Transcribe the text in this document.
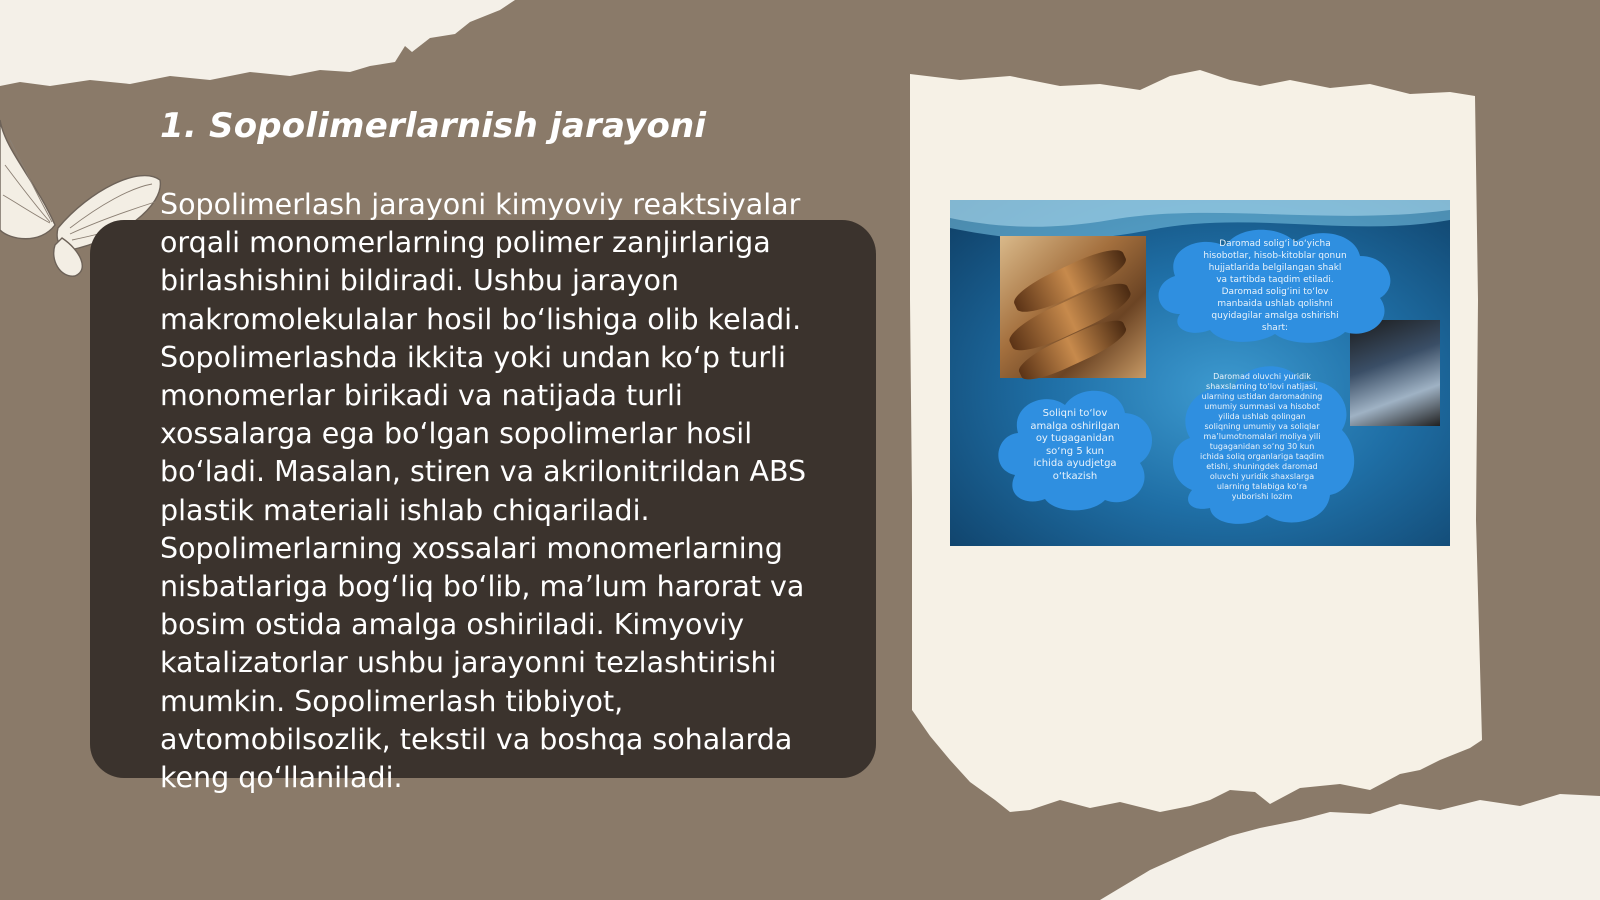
1. Sopolimerlarnish jarayoni
Sopolimerlash jarayoni kimyoviy reaktsiyalar
orqali monomerlarning polimer zanjirlariga
birlashishini bildiradi. Ushbu jarayon
makromolekulalar hosil bo‘lishiga olib keladi.
Sopolimerlashda ikkita yoki undan ko‘p turli
monomerlar birikadi va natijada turli
xossalarga ega bo‘lgan sopolimerlar hosil
bo‘ladi. Masalan, stiren va akrilonitrildan ABS
plastik materiali ishlab chiqariladi.
Sopolimerlarning xossalari monomerlarning
nisbatlariga bog‘liq bo‘lib, ma’lum harorat va
bosim ostida amalga oshiriladi. Kimyoviy
katalizatorlar ushbu jarayonni tezlashtirishi
mumkin. Sopolimerlash tibbiyot,
avtomobilsozlik, tekstil va boshqa sohalarda
keng qo‘llaniladi.
Daromad solig‘i bo‘yicha
hisobotlar, hisob-kitoblar qonun
hujjatlarida belgilangan shakl
va tartibda taqdim etiladi.
Daromad solig‘ini to‘lov
manbaida ushlab qolishni
quyidagilar amalga oshirishi
shart:
Soliqni to‘lov
amalga oshirilgan
oy tugaganidan
so‘ng 5 kun
ichida ayudjetga
o‘tkazish
Daromad oluvchi yuridik
shaxslarning to‘lovi natijasi,
ularning ustidan daromadning
umumiy summasi va hisobot
yilida ushlab qolingan
soliqning umumiy va soliqlar
ma’lumotnomalari moliya yili
tugaganidan so‘ng 30 kun
ichida soliq organlariga taqdim
etishi, shuningdek daromad
oluvchi yuridik shaxslarga
ularning talabiga ko‘ra
yuborishi lozim
